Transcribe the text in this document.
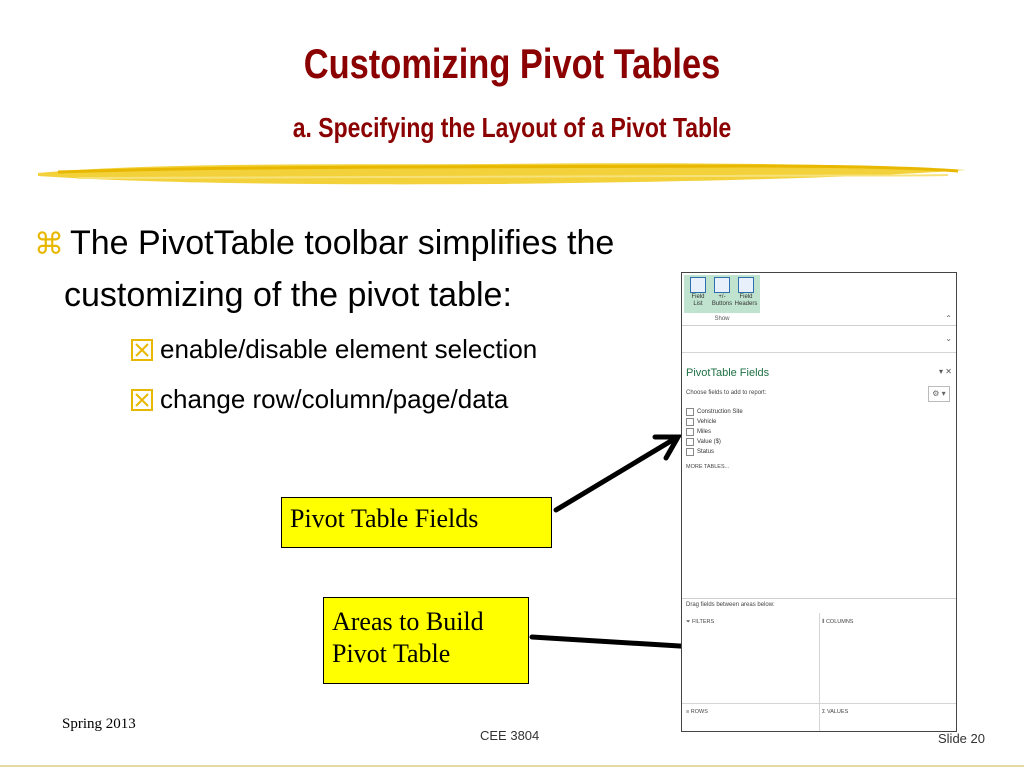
Customizing Pivot Tables
a. Specifying the Layout of a Pivot Table
⌘ The PivotTable toolbar simplifies the
customizing of the pivot table:
enable/disable element selection
change row/column/page/data
Pivot Table Fields
Areas to Build
Pivot Table
Field
List
+/-
Buttons
Field
Headers
Show	⌃
⌄
PivotTable Fields	▾ ✕
Choose fields to add to report:	⚙ ▾
Construction Site
Vehicle
Miles
Value ($)
Status
MORE TABLES...
Drag fields between areas below:
⏷ FILTERS	⦀ COLUMNS
≡ ROWS	Σ VALUES
Spring 2013
CEE 3804	Slide 20
